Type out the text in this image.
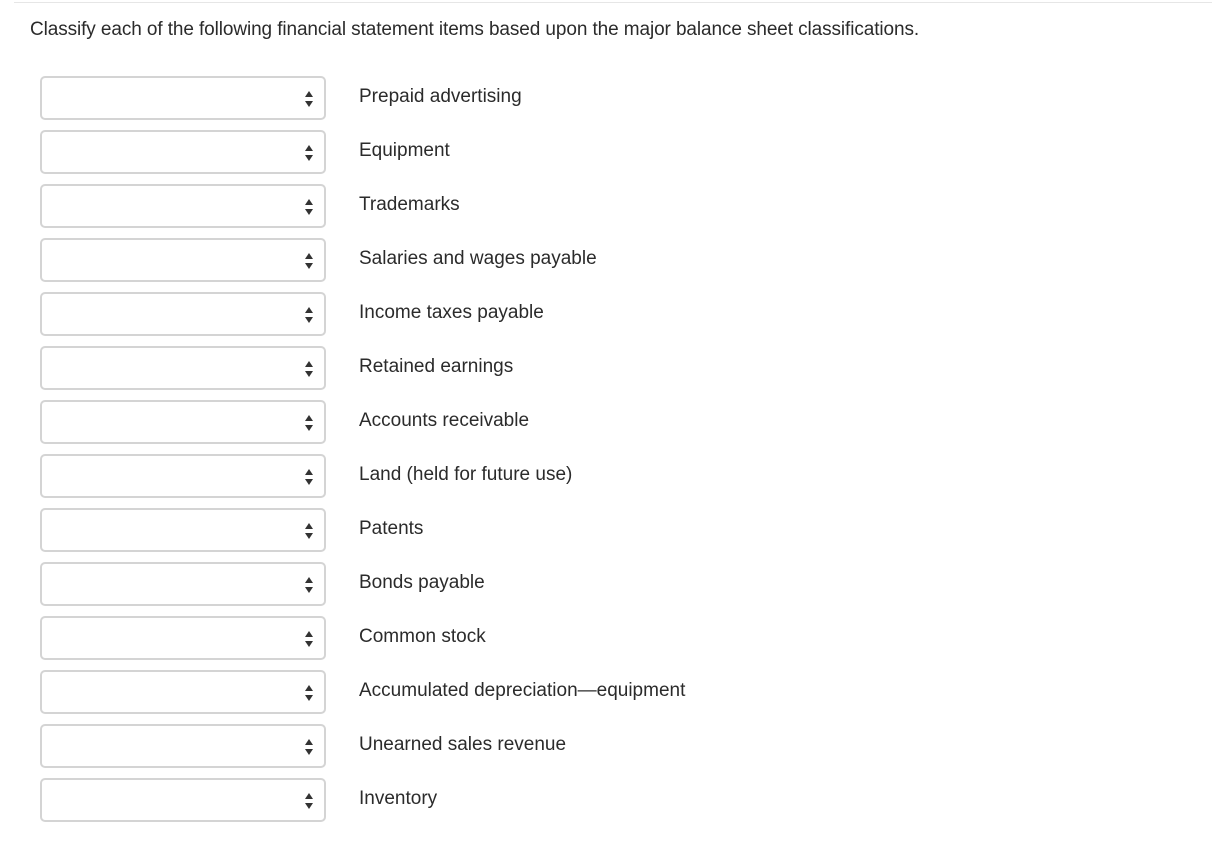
Classify each of the following financial statement items based upon the major balance sheet classifications.
Prepaid advertising
Equipment
Trademarks
Salaries and wages payable
Income taxes payable
Retained earnings
Accounts receivable
Land (held for future use)
Patents
Bonds payable
Common stock
Accumulated depreciation—equipment
Unearned sales revenue
Inventory
